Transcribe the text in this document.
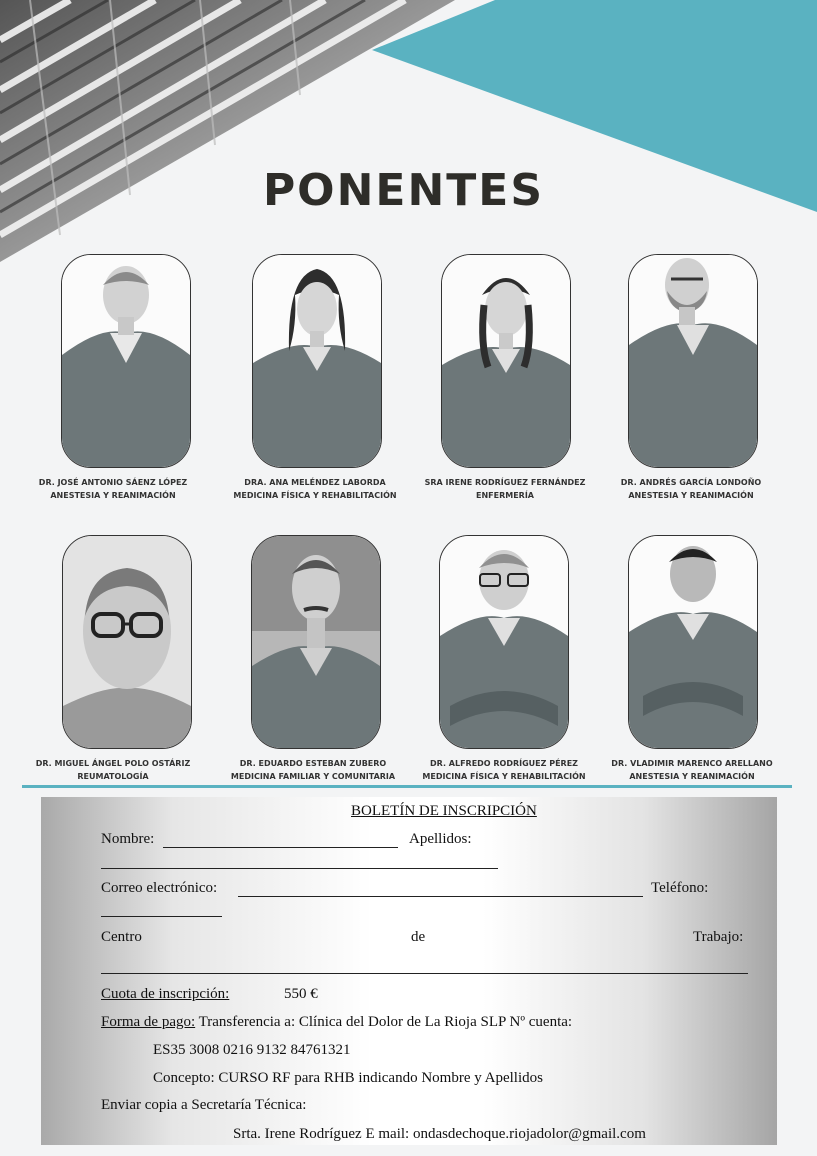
PONENTES
DR. JOSÉ ANTONIO SÁENZ LÓPEZ
ANESTESIA Y REANIMACIÓN
DRA. ANA MELÉNDEZ LABORDA
MEDICINA FÍSICA Y REHABILITACIÓN
SRA IRENE RODRÍGUEZ FERNÁNDEZ
ENFERMERÍA
DR. ANDRÉS GARCÍA LONDOÑO
ANESTESIA Y REANIMACIÓN
DR. MIGUEL ÁNGEL POLO OSTÁRIZ
REUMATOLOGÍA
DR. EDUARDO ESTEBAN ZUBERO
MEDICINA FAMILIAR Y COMUNITARIA
DR. ALFREDO RODRÍGUEZ PÉREZ
MEDICINA FÍSICA Y REHABILITACIÓN
DR. VLADIMIR MARENCO ARELLANO
ANESTESIA Y REANIMACIÓN
BOLETÍN DE INSCRIPCIÓN
Nombre:	Apellidos:
Correo electrónico:	Teléfono:
Centro	de	Trabajo:
Cuota de inscripción:	550 €
Forma de pago: Transferencia a: Clínica del Dolor de La Rioja SLP Nº cuenta:
ES35 3008 0216 9132 84761321
Concepto: CURSO RF para RHB indicando Nombre y Apellidos
Enviar copia a Secretaría Técnica:
Srta. Irene Rodríguez E mail: ondasdechoque.riojadolor@gmail.com
